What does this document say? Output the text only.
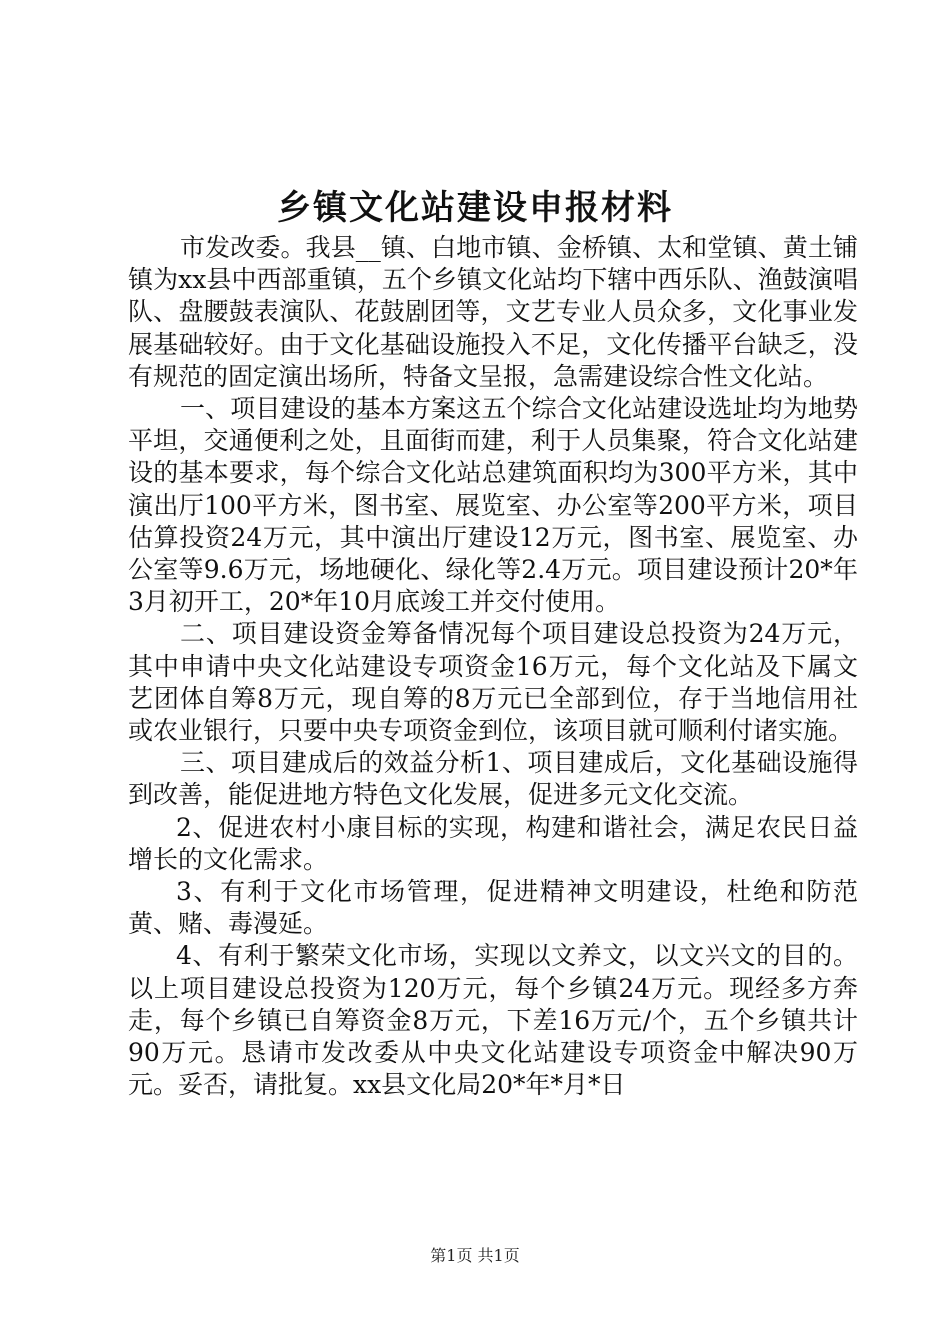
乡镇文化站建设申报材料

市发改委。我县__镇、白地市镇、金桥镇、太和堂镇、黄土铺镇为xx县中西部重镇，五个乡镇文化站均下辖中西乐队、渔鼓演唱队、盘腰鼓表演队、花鼓剧团等，文艺专业人员众多，文化事业发展基础较好。由于文化基础设施投入不足，文化传播平台缺乏，没有规范的固定演出场所，特备文呈报，急需建设综合性文化站。

一、项目建设的基本方案这五个综合文化站建设选址均为地势平坦，交通便利之处，且面街而建，利于人员集聚，符合文化站建设的基本要求，每个综合文化站总建筑面积均为300平方米，其中演出厅100平方米，图书室、展览室、办公室等200平方米，项目估算投资24万元，其中演出厅建设12万元，图书室、展览室、办公室等9.6万元，场地硬化、绿化等2.4万元。项目建设预计20*年3月初开工，20*年10月底竣工并交付使用。

二、项目建设资金筹备情况每个项目建设总投资为24万元，其中申请中央文化站建设专项资金16万元，每个文化站及下属文艺团体自筹8万元，现自筹的8万元已全部到位，存于当地信用社或农业银行，只要中央专项资金到位，该项目就可顺利付诸实施。

三、项目建成后的效益分析1、项目建成后，文化基础设施得到改善，能促进地方特色文化发展，促进多元文化交流。

2、促进农村小康目标的实现，构建和谐社会，满足农民日益增长的文化需求。

3、有利于文化市场管理，促进精神文明建设，杜绝和防范黄、赌、毒漫延。

4、有利于繁荣文化市场，实现以文养文，以文兴文的目的。以上项目建设总投资为120万元，每个乡镇24万元。现经多方奔走，每个乡镇已自筹资金8万元，下差16万元/个，五个乡镇共计90万元。恳请市发改委从中央文化站建设专项资金中解决90万元。妥否，请批复。xx县文化局20*年*月*日

第1页 共1页
